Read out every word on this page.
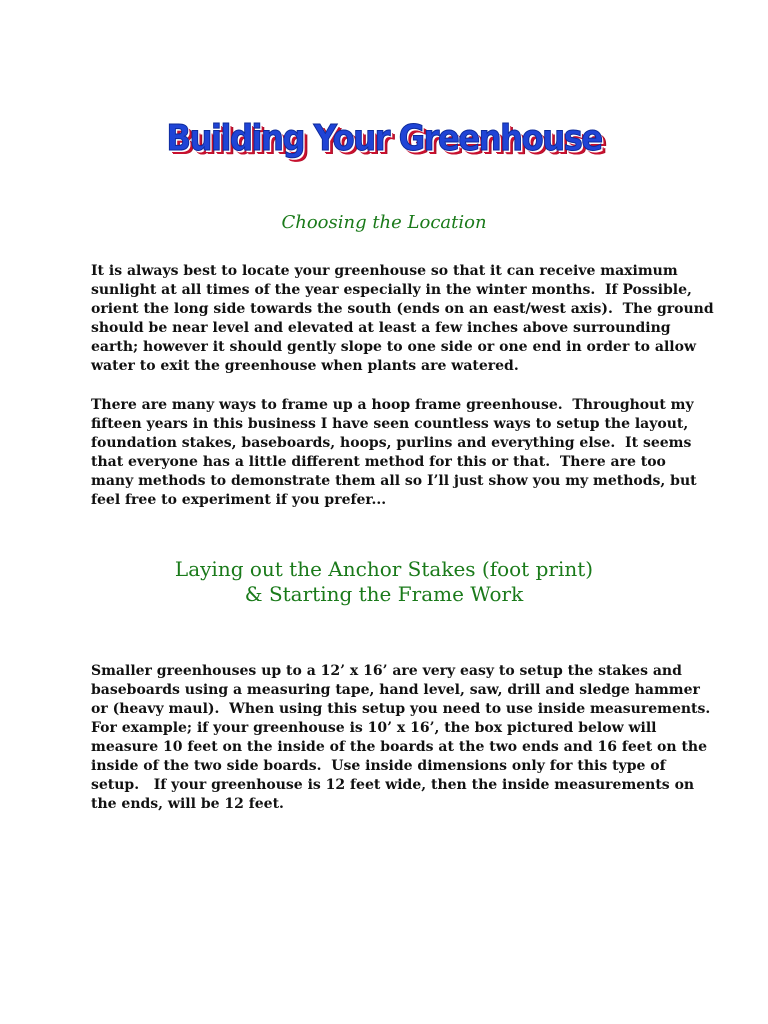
Building Your Greenhouse
Choosing the Location

It is always best to locate your greenhouse so that it can receive maximum
sunlight at all times of the year especially in the winter months.  If Possible,
orient the long side towards the south (ends on an east/west axis).  The ground
should be near level and elevated at least a few inches above surrounding
earth; however it should gently slope to one side or one end in order to allow
water to exit the greenhouse when plants are watered.

There are many ways to frame up a hoop frame greenhouse.  Throughout my
fifteen years in this business I have seen countless ways to setup the layout,
foundation stakes, baseboards, hoops, purlins and everything else.  It seems
that everyone has a little different method for this or that.  There are too
many methods to demonstrate them all so I’ll just show you my methods, but
feel free to experiment if you prefer...

Laying out the Anchor Stakes (foot print)
& Starting the Frame Work

Smaller greenhouses up to a 12’ x 16’ are very easy to setup the stakes and
baseboards using a measuring tape, hand level, saw, drill and sledge hammer
or (heavy maul).  When using this setup you need to use inside measurements.
For example; if your greenhouse is 10’ x 16’, the box pictured below will
measure 10 feet on the inside of the boards at the two ends and 16 feet on the
inside of the two side boards.  Use inside dimensions only for this type of
setup.   If your greenhouse is 12 feet wide, then the inside measurements on
the ends, will be 12 feet.
